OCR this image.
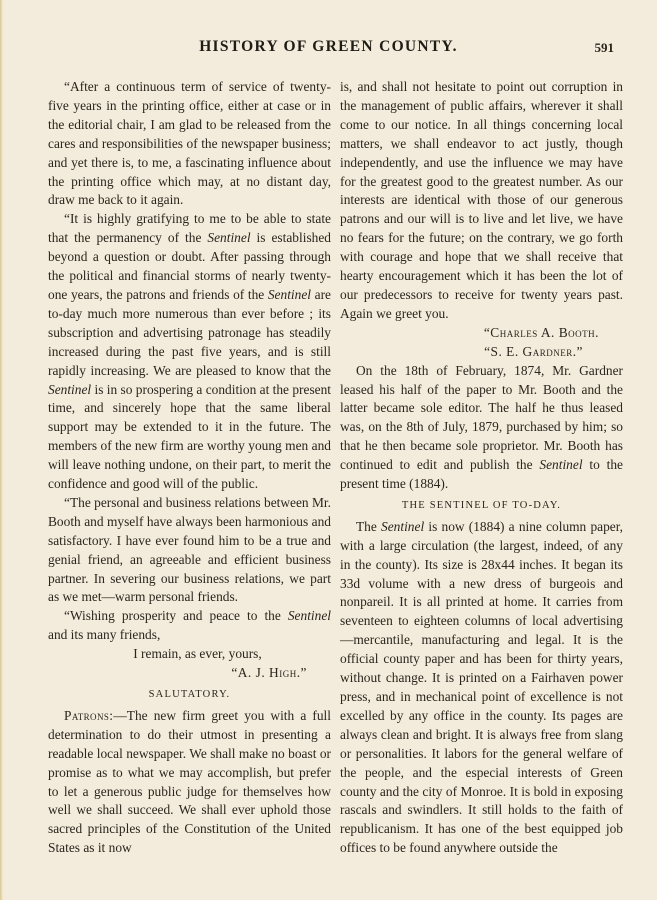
HISTORY OF GREEN COUNTY.	591

“After a continuous term of service of twenty-five years in the printing office, either at case or in the editorial chair, I am glad to be released from the cares and responsibilities of the newspaper business; and yet there is, to me, a fascinating influence about the printing office which may, at no distant day, draw me back to it again.

“It is highly gratifying to me to be able to state that the permanency of the Sentinel is established beyond a question or doubt. After passing through the political and financial storms of nearly twenty-one years, the patrons and friends of the Sentinel are to-day much more numerous than ever before ; its subscription and advertising patronage has steadily increased during the past five years, and is still rapidly increasing. We are pleased to know that the Sentinel is in so prospering a condition at the present time, and sincerely hope that the same liberal support may be extended to it in the future. The members of the new firm are worthy young men and will leave nothing undone, on their part, to merit the confidence and good will of the public.

“The personal and business relations between Mr. Booth and myself have always been harmonious and satisfactory. I have ever found him to be a true and genial friend, an agreeable and efficient business partner. In severing our business relations, we part as we met—warm personal friends.

“Wishing prosperity and peace to the Sentinel and its many friends,

I remain, as ever, yours,

“A. J. High.”

SALUTATORY.

Patrons:—The new firm greet you with a full determination to do their utmost in presenting a readable local newspaper. We shall make no boast or promise as to what we may accomplish, but prefer to let a generous public judge for themselves how well we shall succeed. We shall ever uphold those sacred principles of the Constitution of the United States as it now

is, and shall not hesitate to point out corruption in the management of public affairs, wherever it shall come to our notice. In all things concerning local matters, we shall endeavor to act justly, though independently, and use the influence we may have for the greatest good to the greatest number. As our interests are identical with those of our generous patrons and our will is to live and let live, we have no fears for the future; on the contrary, we go forth with courage and hope that we shall receive that hearty encouragement which it has been the lot of our predecessors to receive for twenty years past. Again we greet you.

“Charles A. Booth.

“S. E. Gardner.”

On the 18th of February, 1874, Mr. Gardner leased his half of the paper to Mr. Booth and the latter became sole editor. The half he thus leased was, on the 8th of July, 1879, purchased by him; so that he then became sole proprietor. Mr. Booth has continued to edit and publish the Sentinel to the present time (1884).

THE SENTINEL OF TO-DAY.

The Sentinel is now (1884) a nine column paper, with a large circulation (the largest, indeed, of any in the county). Its size is 28x44 inches. It began its 33d volume with a new dress of burgeois and nonpareil. It is all printed at home. It carries from seventeen to eighteen columns of local advertising—mercantile, manufacturing and legal. It is the official county paper and has been for thirty years, without change. It is printed on a Fairhaven power press, and in mechanical point of excellence is not excelled by any office in the county. Its pages are always clean and bright. It is always free from slang or personalities. It labors for the general welfare of the people, and the especial interests of Green county and the city of Monroe. It is bold in exposing rascals and swindlers. It still holds to the faith of republicanism. It has one of the best equipped job offices to be found anywhere outside the
